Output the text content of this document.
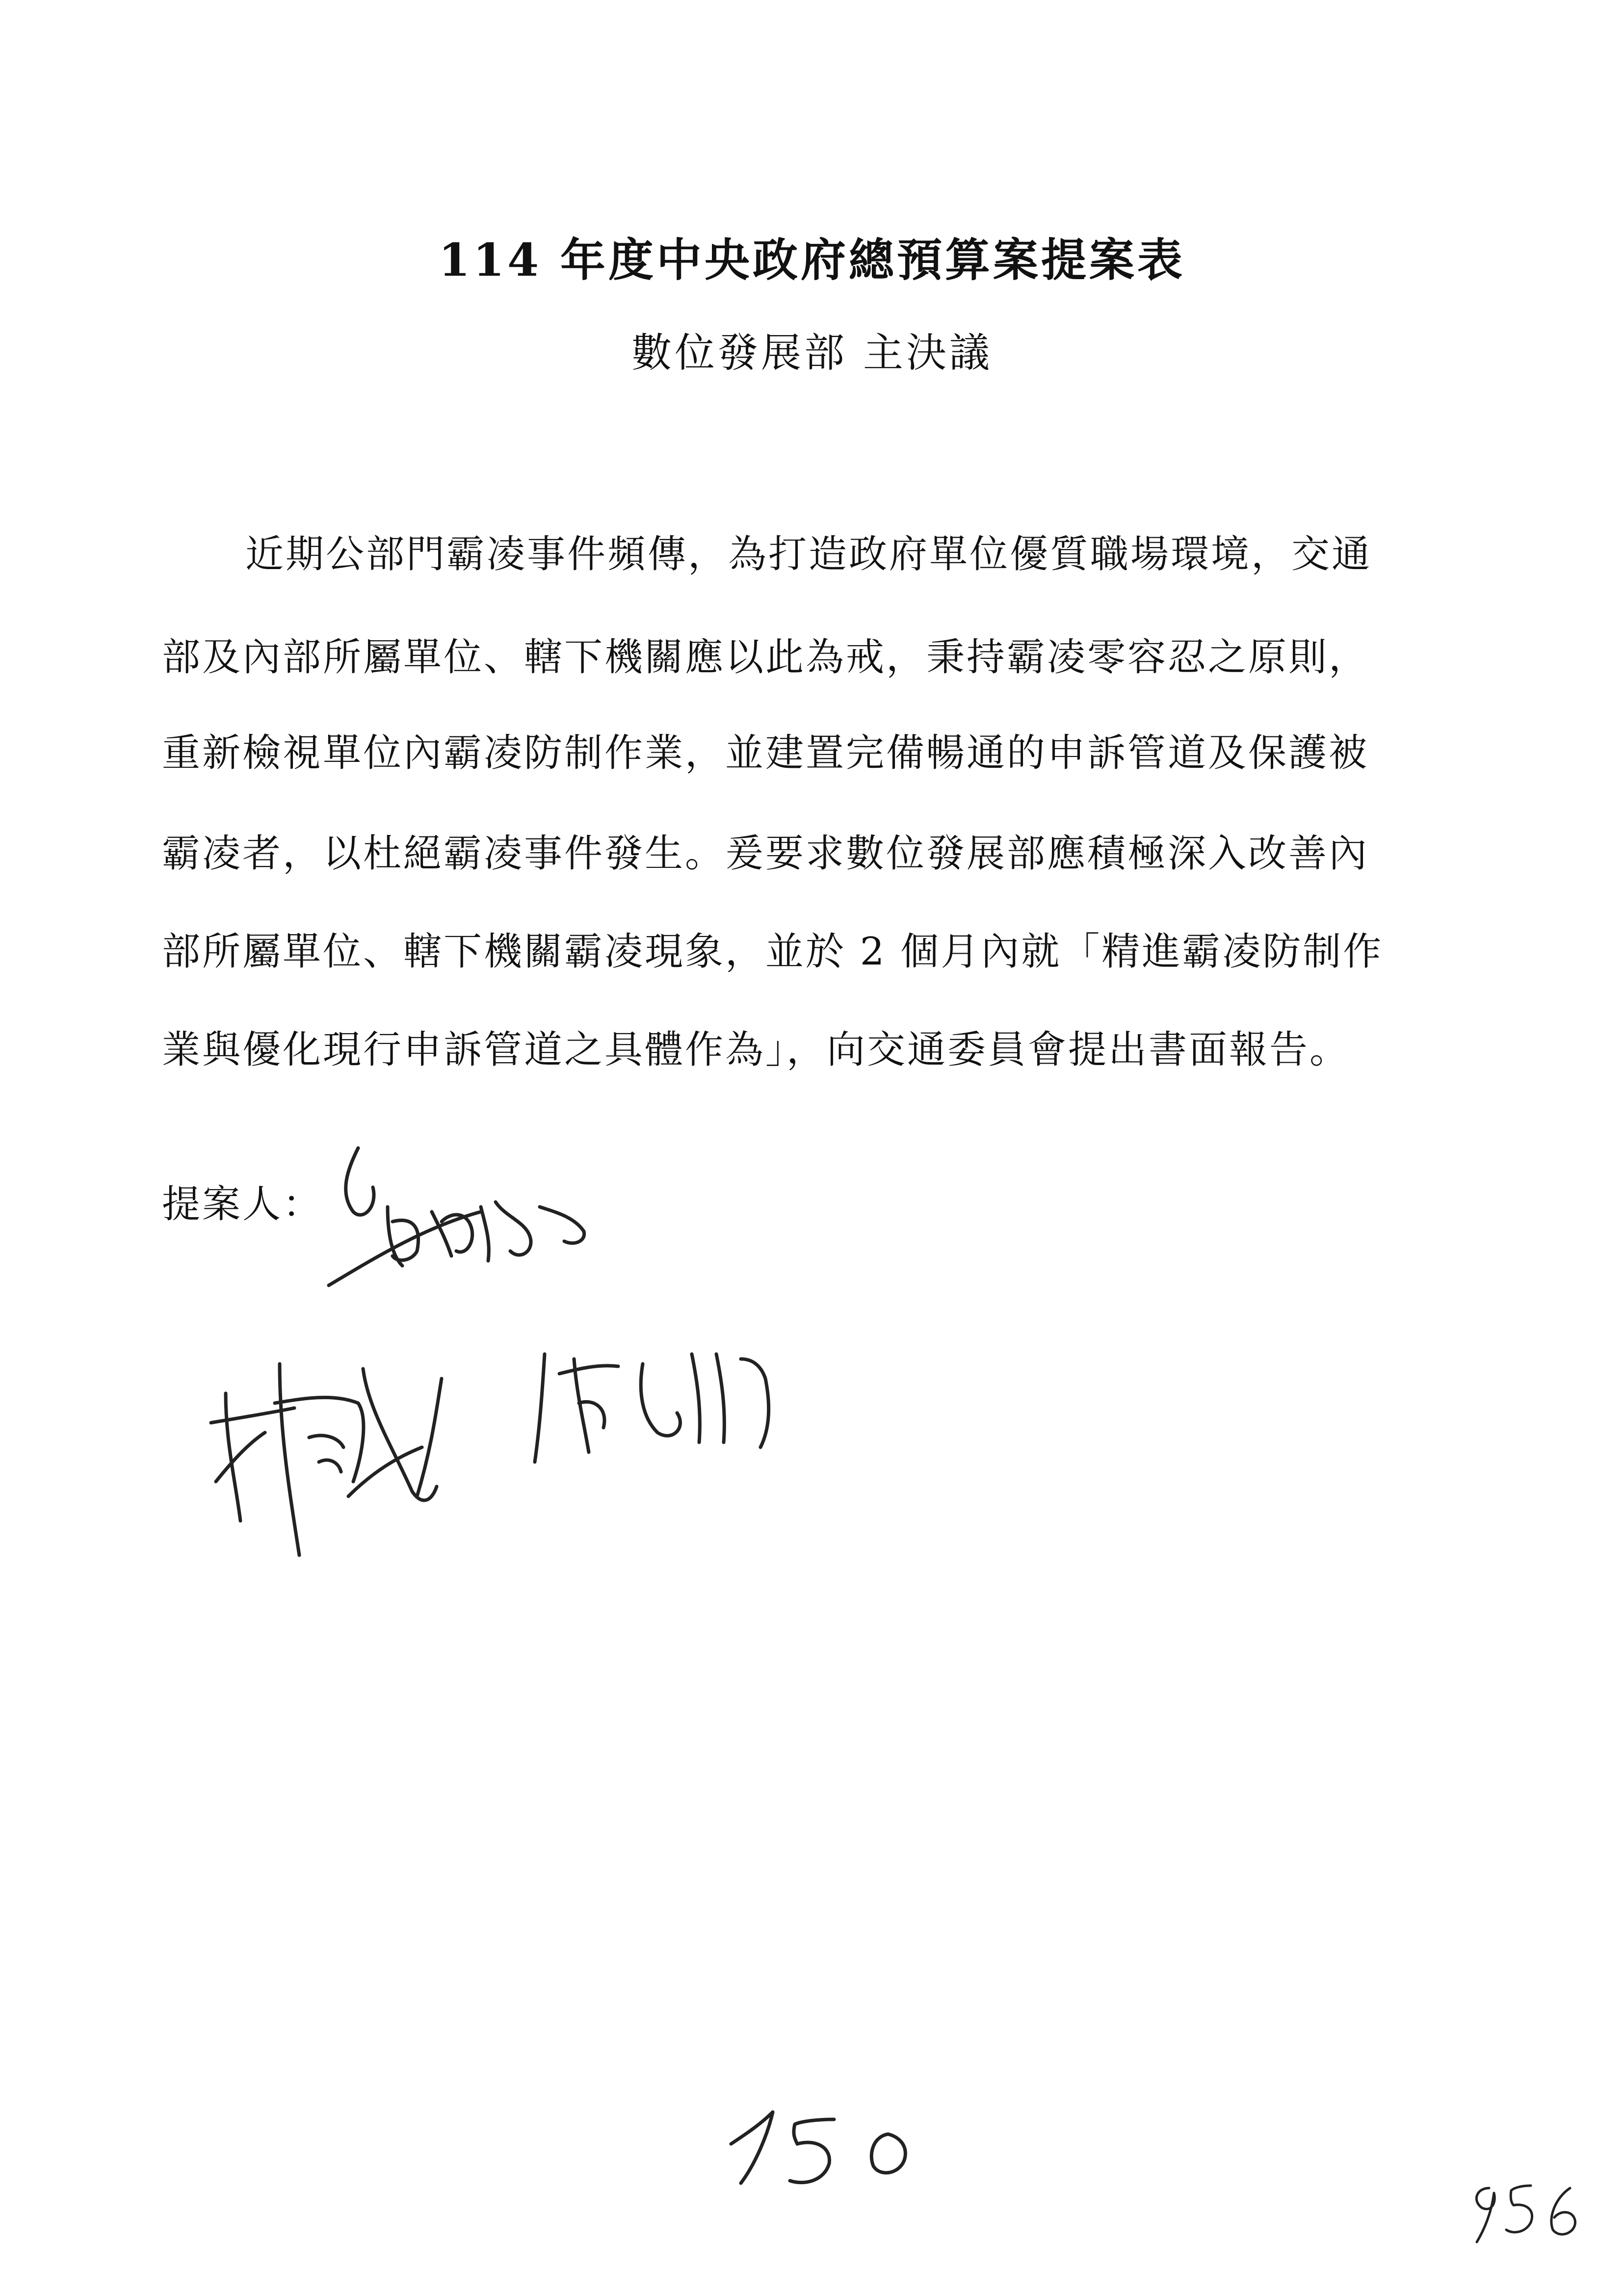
114 年度中央政府總預算案提案表
數位發展部 主決議
近期公部門霸凌事件頻傳，為打造政府單位優質職場環境，交通
部及內部所屬單位、轄下機關應以此為戒，秉持霸凌零容忍之原則，
重新檢視單位內霸凌防制作業，並建置完備暢通的申訴管道及保護被
霸凌者，以杜絕霸凌事件發生。爰要求數位發展部應積極深入改善內
部所屬單位、轄下機關霸凌現象，並於 2 個月內就「精進霸凌防制作
業與優化現行申訴管道之具體作為」，向交通委員會提出書面報告。
提案人：
